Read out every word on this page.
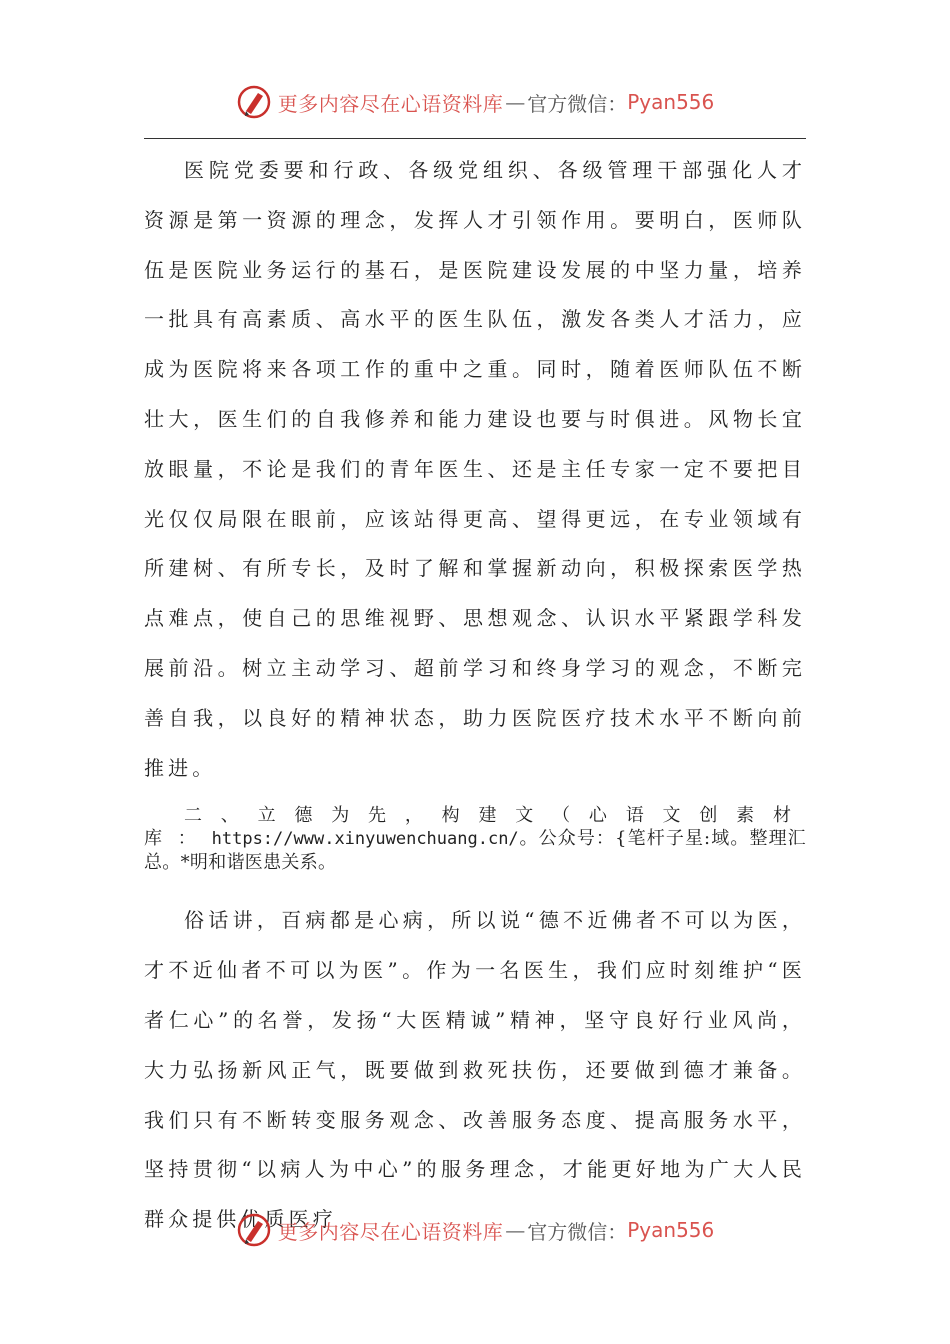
更多内容尽在心语资料库 — 官方微信： Pyan556

医院党委要和行政、各级党组织、各级管理干部强化人才资源是第一资源的理念，发挥人才引领作用。要明白，医师队伍是医院业务运行的基石，是医院建设发展的中坚力量，培养一批具有高素质、高水平的医生队伍，激发各类人才活力，应成为医院将来各项工作的重中之重。同时，随着医师队伍不断壮大，医生们的自我修养和能力建设也要与时俱进。风物长宜放眼量，不论是我们的青年医生、还是主任专家一定不要把目光仅仅局限在眼前，应该站得更高、望得更远，在专业领域有所建树、有所专长，及时了解和掌握新动向，积极探索医学热点难点，使自己的思维视野、思想观念、认识水平紧跟学科发展前沿。树立主动学习、超前学习和终身学习的观念，不断完善自我，以良好的精神状态，助力医院医疗技术水平不断向前推进。

二、立德为先，构建文（心语文创素材库：https://www.xinyuwenchuang.cn/。公众号：{笔杆子星:域。整理汇总。*明和谐医患关系。

俗话讲，百病都是心病，所以说“德不近佛者不可以为医，才不近仙者不可以为医”。作为一名医生，我们应时刻维护“医者仁心”的名誉，发扬“大医精诚”精神，坚守良好行业风尚，大力弘扬新风正气，既要做到救死扶伤，还要做到德才兼备。我们只有不断转变服务观念、改善服务态度、提高服务水平，坚持贯彻“以病人为中心”的服务理念，才能更好地为广大人民群众提供优质医疗

更多内容尽在心语资料库 — 官方微信： Pyan556
